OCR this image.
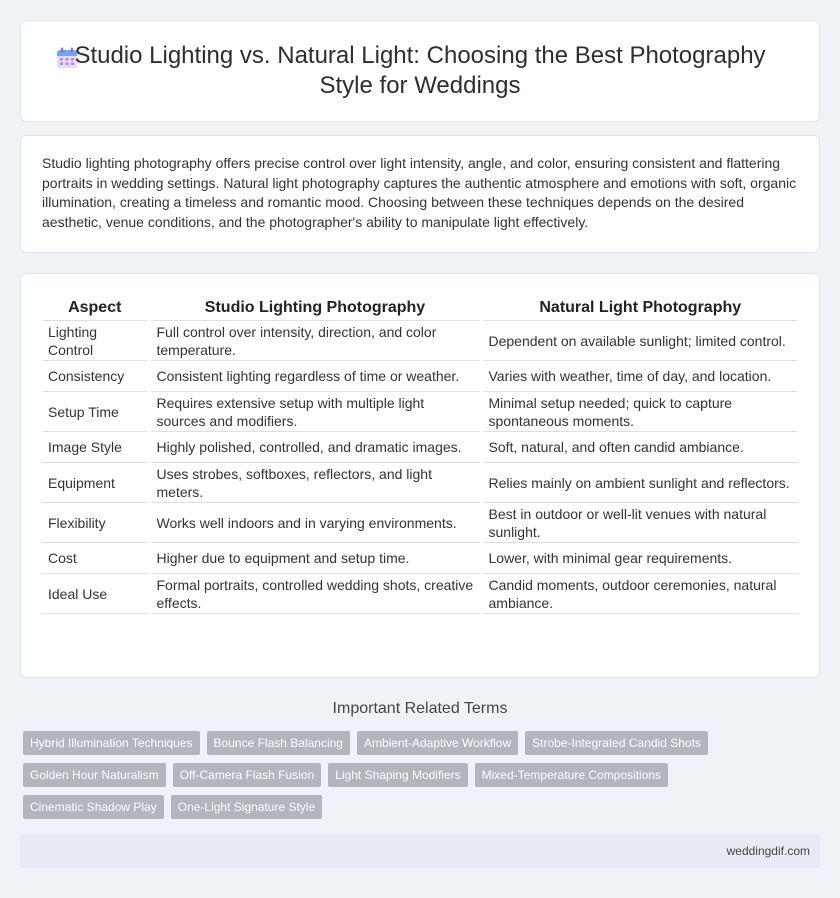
Studio Lighting vs. Natural Light: Choosing the Best Photography Style for Weddings

Studio lighting photography offers precise control over light intensity, angle, and color, ensuring consistent and flattering portraits in wedding settings. Natural light photography captures the authentic atmosphere and emotions with soft, organic illumination, creating a timeless and romantic mood. Choosing between these techniques depends on the desired aesthetic, venue conditions, and the photographer's ability to manipulate light effectively.

Aspect	Studio Lighting Photography	Natural Light Photography
Lighting Control	Full control over intensity, direction, and color temperature.	Dependent on available sunlight; limited control.
Consistency	Consistent lighting regardless of time or weather.	Varies with weather, time of day, and location.
Setup Time	Requires extensive setup with multiple light sources and modifiers.	Minimal setup needed; quick to capture spontaneous moments.
Image Style	Highly polished, controlled, and dramatic images.	Soft, natural, and often candid ambiance.
Equipment	Uses strobes, softboxes, reflectors, and light meters.	Relies mainly on ambient sunlight and reflectors.
Flexibility	Works well indoors and in varying environments.	Best in outdoor or well-lit venues with natural sunlight.
Cost	Higher due to equipment and setup time.	Lower, with minimal gear requirements.
Ideal Use	Formal portraits, controlled wedding shots, creative effects.	Candid moments, outdoor ceremonies, natural ambiance.
Important Related Terms
Hybrid Illumination Techniques	Bounce Flash Balancing	Ambient-Adaptive Workflow	Strobe-Integrated Candid Shots
Golden Hour Naturalism	Off-Camera Flash Fusion	Light Shaping Modifiers	Mixed-Temperature Compositions
Cinematic Shadow Play	One-Light Signature Style
weddingdif.com
